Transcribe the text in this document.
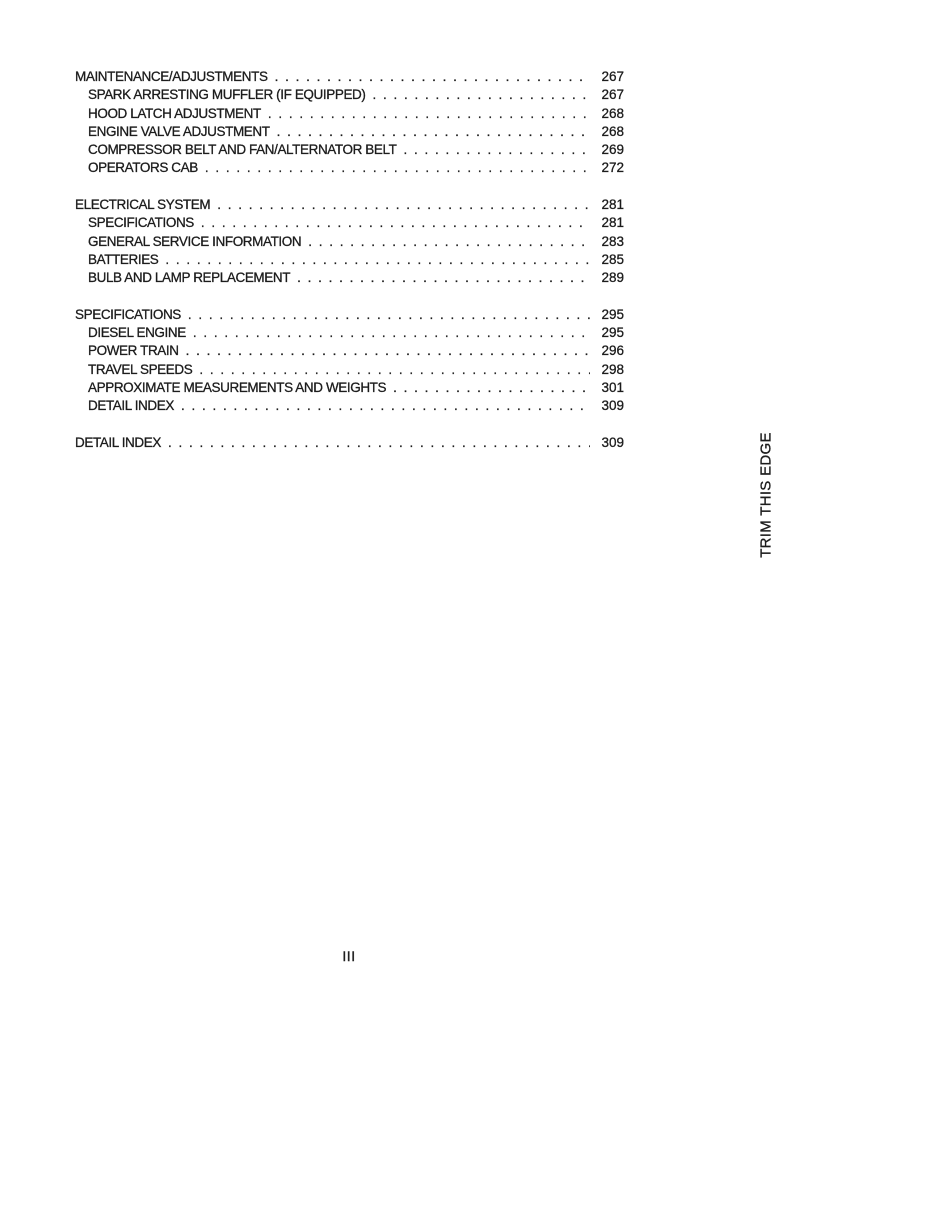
MAINTENANCE/ADJUSTMENTS . . .	267
SPARK ARRESTING MUFFLER (IF EQUIPPED) . . .	267
HOOD LATCH ADJUSTMENT . . .	268
ENGINE VALVE ADJUSTMENT . . .	268
COMPRESSOR BELT AND FAN/ALTERNATOR BELT . . .	269
OPERATORS CAB . . .	272
ELECTRICAL SYSTEM . . .	281
SPECIFICATIONS . . .	281
GENERAL SERVICE INFORMATION . . .	283
BATTERIES . . .	285
BULB AND LAMP REPLACEMENT . . .	289
SPECIFICATIONS . . .	295
DIESEL ENGINE . . .	295
POWER TRAIN . . .	296
TRAVEL SPEEDS . . .	298
APPROXIMATE MEASUREMENTS AND WEIGHTS . . .	301
DETAIL INDEX . . .	309
DETAIL INDEX . . .	309	TRIM THIS EDGE
III
